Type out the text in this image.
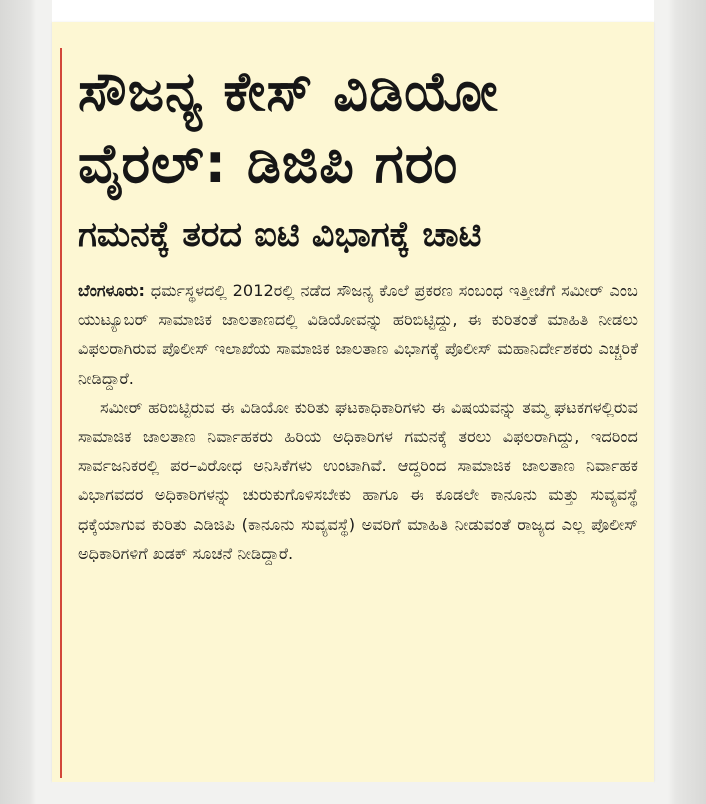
ಸೌಜನ್ಯ ಕೇಸ್ ವಿಡಿಯೋ ವೈರಲ್: ಡಿಜಿಪಿ ಗರಂ
ಗಮನಕ್ಕೆ ತರದ ಐಟಿ ವಿಭಾಗಕ್ಕೆ ಚಾಟಿ

ಬೆಂಗಳೂರು: ಧರ್ಮಸ್ಥಳದಲ್ಲಿ 2012ರಲ್ಲಿ ನಡೆದ ಸೌಜನ್ಯ ಕೊಲೆ ಪ್ರಕರಣ ಸಂಬಂಧ ಇತ್ತೀಚೆಗೆ ಸಮೀರ್ ಎಂಬ ಯುಟ್ಯೂಬರ್ ಸಾಮಾಜಿಕ ಜಾಲತಾಣದಲ್ಲಿ ವಿಡಿಯೋವನ್ನು ಹರಿಬಿಟ್ಟಿದ್ದು, ಈ ಕುರಿತಂತೆ ಮಾಹಿತಿ ನೀಡಲು ವಿಫಲರಾಗಿರುವ ಪೊಲೀಸ್ ಇಲಾಖೆಯ ಸಾಮಾಜಿಕ ಜಾಲತಾಣ ವಿಭಾಗಕ್ಕೆ ಪೊಲೀಸ್ ಮಹಾನಿರ್ದೇಶಕರು ಎಚ್ಚರಿಕೆ ನೀಡಿದ್ದಾರೆ.

ಸಮೀರ್ ಹರಿಬಿಟ್ಟಿರುವ ಈ ವಿಡಿಯೋ ಕುರಿತು ಘಟಕಾಧಿಕಾರಿಗಳು ಈ ವಿಷಯವನ್ನು ತಮ್ಮ ಘಟಕಗಳಲ್ಲಿರುವ ಸಾಮಾಜಿಕ ಜಾಲತಾಣ ನಿರ್ವಾಹಕರು ಹಿರಿಯ ಅಧಿಕಾರಿಗಳ ಗಮನಕ್ಕೆ ತರಲು ವಿಫಲರಾಗಿದ್ದು, ಇದರಿಂದ ಸಾರ್ವಜನಿಕರಲ್ಲಿ ಪರ–ವಿರೋಧ ಅನಿಸಿಕೆಗಳು ಉಂಟಾಗಿವೆ. ಆದ್ದರಿಂದ ಸಾಮಾಜಿಕ ಜಾಲತಾಣ ನಿರ್ವಾಹಕ ವಿಭಾಗವದರ ಅಧಿಕಾರಿಗಳನ್ನು ಚುರುಕುಗೊಳಿಸಬೇಕು ಹಾಗೂ ಈ ಕೂಡಲೇ ಕಾನೂನು ಮತ್ತು ಸುವ್ಯವಸ್ಥೆ ಧಕ್ಕೆಯಾಗುವ ಕುರಿತು ಎಡಿಜಿಪಿ (ಕಾನೂನು ಸುವ್ಯವಸ್ಥೆ) ಅವರಿಗೆ ಮಾಹಿತಿ ನೀಡುವಂತೆ ರಾಜ್ಯದ ಎಲ್ಲ ಪೊಲೀಸ್ ಅಧಿಕಾರಿಗಳಿಗೆ ಖಡಕ್ ಸೂಚನೆ ನೀಡಿದ್ದಾರೆ.
